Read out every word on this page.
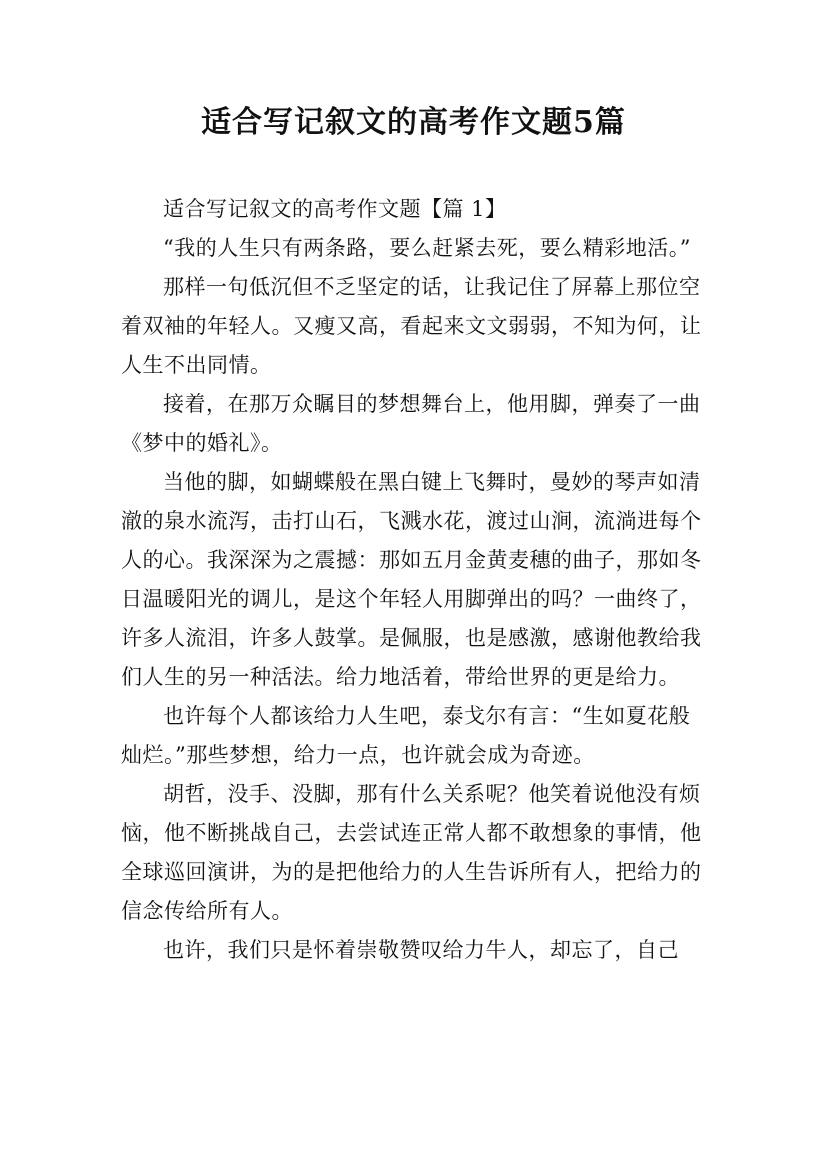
适合写记叙文的高考作文题5篇

适合写记叙文的高考作文题【篇 1】

“我的人生只有两条路，要么赶紧去死，要么精彩地活。”

那样一句低沉但不乏坚定的话，让我记住了屏幕上那位空着双袖的年轻人。又瘦又高，看起来文文弱弱，不知为何，让人生不出同情。

接着，在那万众瞩目的梦想舞台上，他用脚，弹奏了一曲《梦中的婚礼》。

当他的脚，如蝴蝶般在黑白键上飞舞时，曼妙的琴声如清澈的泉水流泻，击打山石，飞溅水花，渡过山涧，流淌进每个人的心。我深深为之震撼：那如五月金黄麦穗的曲子，那如冬日温暖阳光的调儿，是这个年轻人用脚弹出的吗？一曲终了，许多人流泪，许多人鼓掌。是佩服，也是感激，感谢他教给我们人生的另一种活法。给力地活着，带给世界的更是给力。

也许每个人都该给力人生吧，泰戈尔有言：“生如夏花般灿烂。”那些梦想，给力一点，也许就会成为奇迹。

胡哲，没手、没脚，那有什么关系呢？他笑着说他没有烦恼，他不断挑战自己，去尝试连正常人都不敢想象的事情，他全球巡回演讲，为的是把他给力的人生告诉所有人，把给力的信念传给所有人。

也许，我们只是怀着崇敬赞叹给力牛人，却忘了，自己
